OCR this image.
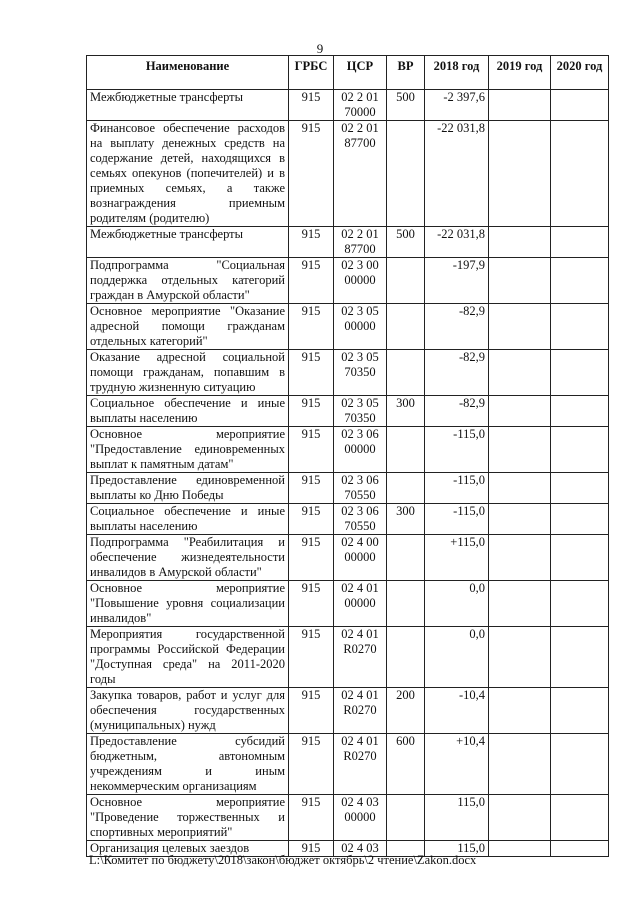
9
Наименование	ГРБС	ЦСР	ВР	2018 год	2019 год	2020 год
Межбюджетные трансферты	915	02 2 01 70000	500	-2 397,6		
Финансовое обеспечение расходов на выплату денежных средств на содержание детей, находящихся в семьях опекунов (попечителей) и в приемных семьях, а также вознаграждения приемным родителям (родителю)	915	02 2 01 87700		-22 031,8		
Межбюджетные трансферты	915	02 2 01 87700	500	-22 031,8		
Подпрограмма "Социальная поддержка отдельных категорий граждан в Амурской области"	915	02 3 00 00000		-197,9		
Основное мероприятие "Оказание адресной помощи гражданам отдельных категорий"	915	02 3 05 00000		-82,9		
Оказание адресной социальной помощи гражданам, попавшим в трудную жизненную ситуацию	915	02 3 05 70350		-82,9		
Социальное обеспечение и иные выплаты населению	915	02 3 05 70350	300	-82,9		
Основное мероприятие "Предоставление единовременных выплат к памятным датам"	915	02 3 06 00000		-115,0		
Предоставление единовременной выплаты ко Дню Победы	915	02 3 06 70550		-115,0		
Социальное обеспечение и иные выплаты населению	915	02 3 06 70550	300	-115,0		
Подпрограмма "Реабилитация и обеспечение жизнедеятельности инвалидов в Амурской области"	915	02 4 00 00000		+115,0		
Основное мероприятие "Повышение уровня социализации инвалидов"	915	02 4 01 00000		0,0		
Мероприятия государственной программы Российской Федерации "Доступная среда" на 2011-2020 годы	915	02 4 01 R0270		0,0		
Закупка товаров, работ и услуг для обеспечения государственных (муниципальных) нужд	915	02 4 01 R0270	200	-10,4		
Предоставление субсидий бюджетным, автономным учреждениям и иным некоммерческим организациям	915	02 4 01 R0270	600	+10,4		
Основное мероприятие "Проведение торжественных и спортивных мероприятий"	915	02 4 03 00000		115,0		
Организация целевых заездов	915	02 4 03		115,0		
L:\Комитет по бюджету\2018\закон\бюджет октябрь\2 чтение\Zakon.docx
